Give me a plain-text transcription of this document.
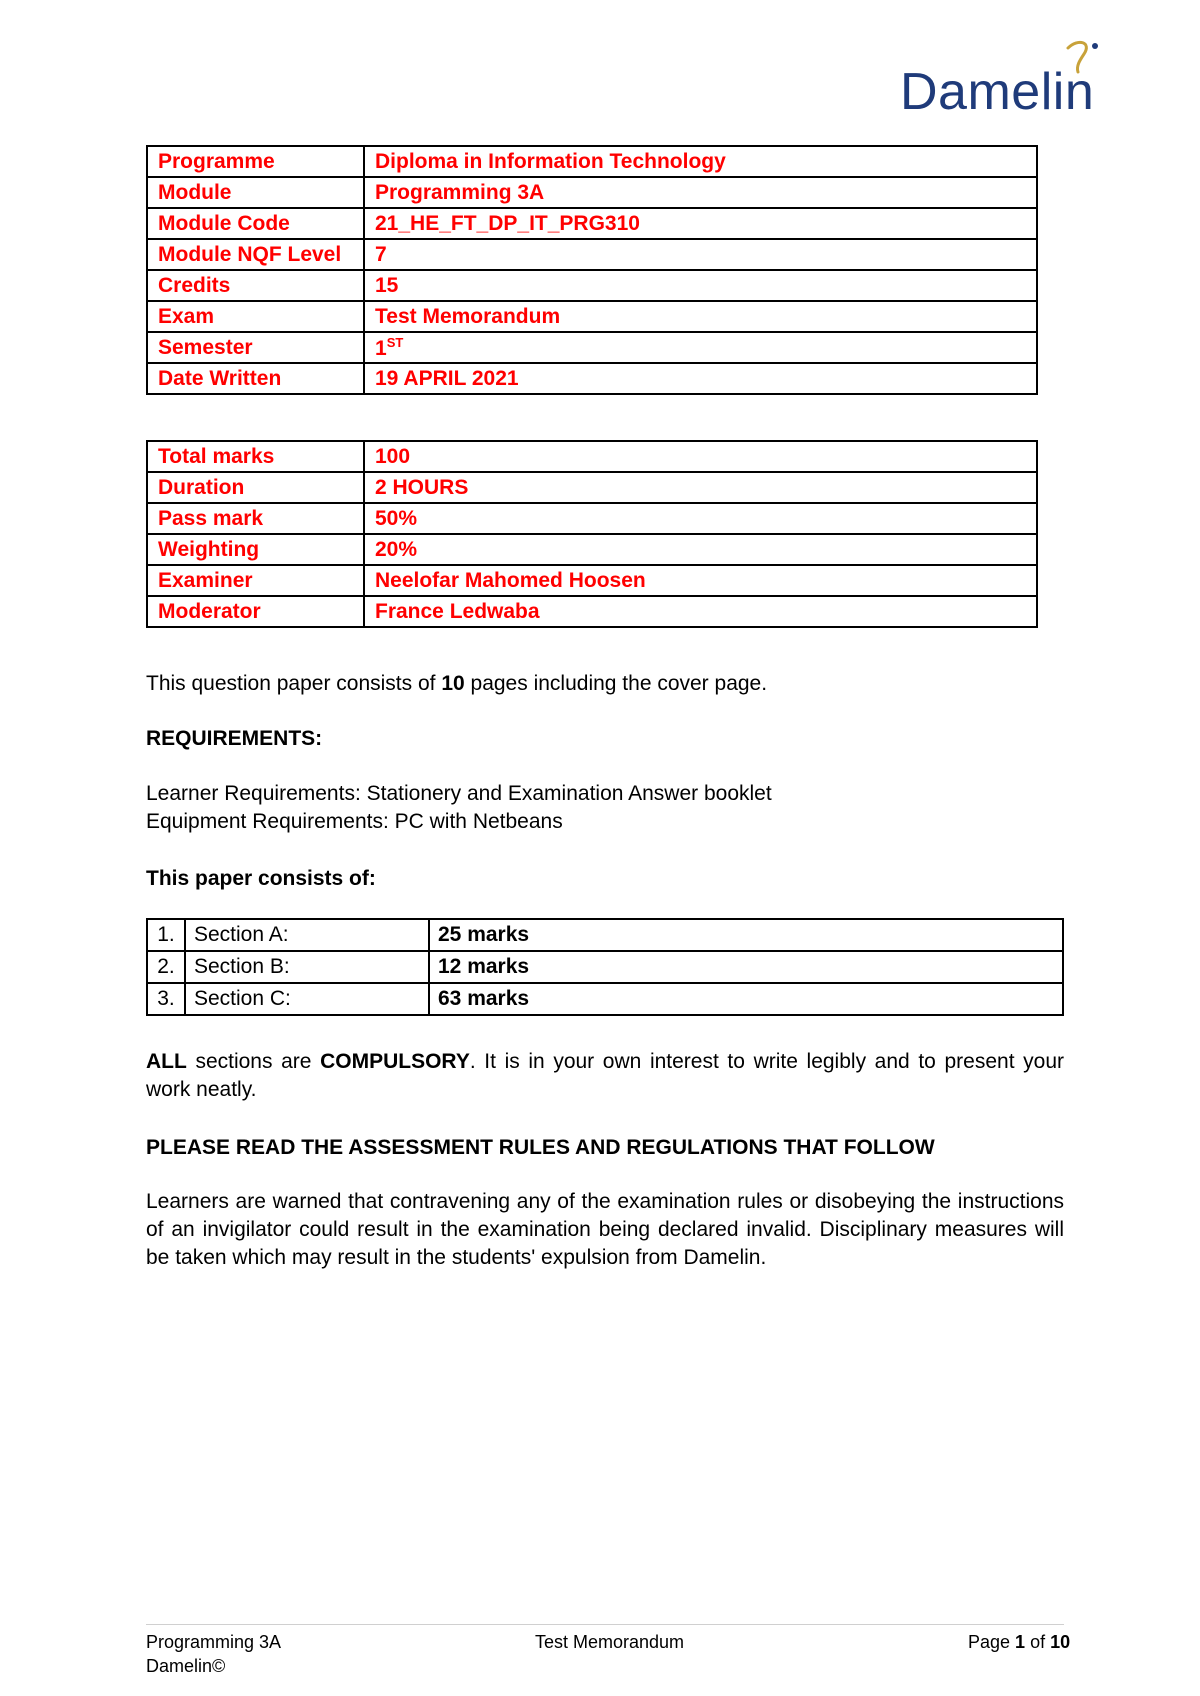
Damelin
Programme	Diploma in Information Technology
Module	Programming 3A
Module Code	21_HE_FT_DP_IT_PRG310
Module NQF Level	7
Credits	15
Exam	Test Memorandum
Semester	1ST
Date Written	19 APRIL 2021
Total marks	100
Duration	2 HOURS
Pass mark	50%
Weighting	20%
Examiner	Neelofar Mahomed Hoosen
Moderator	France Ledwaba
This question paper consists of 10 pages including the cover page.
REQUIREMENTS:
Learner Requirements: Stationery and Examination Answer booklet
Equipment Requirements: PC with Netbeans
This paper consists of:
1.	Section A:	25 marks
2.	Section B:	12 marks
3.	Section C:	63 marks
ALL sections are COMPULSORY. It is in your own interest to write legibly and to present your work neatly.
PLEASE READ THE ASSESSMENT RULES AND REGULATIONS THAT FOLLOW
Learners are warned that contravening any of the examination rules or disobeying the instructions of an invigilator could result in the examination being declared invalid. Disciplinary measures will be taken which may result in the students' expulsion from Damelin.
Programming 3A
Damelin©
Test Memorandum	Page 1 of 10
